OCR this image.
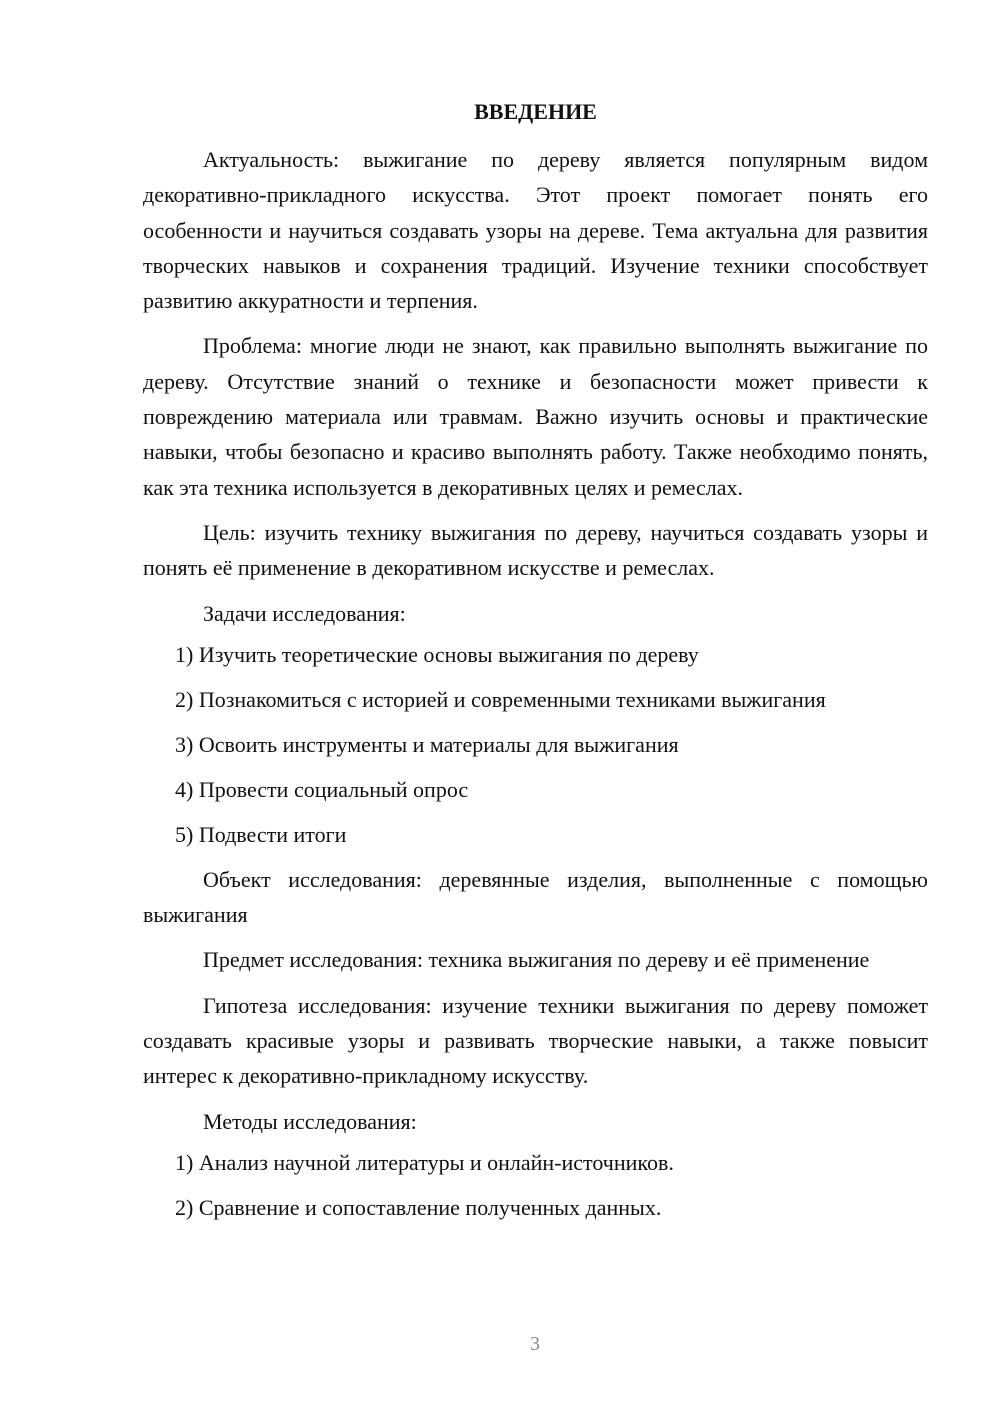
ВВЕДЕНИЕ

Актуальность: выжигание по дереву является популярным видом декоративно-прикладного искусства. Этот проект помогает понять его особенности и научиться создавать узоры на дереве. Тема актуальна для развития творческих навыков и сохранения традиций. Изучение техники способствует развитию аккуратности и терпения.

Проблема: многие люди не знают, как правильно выполнять выжигание по дереву. Отсутствие знаний о технике и безопасности может привести к повреждению материала или травмам. Важно изучить основы и практические навыки, чтобы безопасно и красиво выполнять работу. Также необходимо понять, как эта техника используется в декоративных целях и ремеслах.

Цель: изучить технику выжигания по дереву, научиться создавать узоры и понять её применение в декоративном искусстве и ремеслах.

Задачи исследования:

1) Изучить теоретические основы выжигания по дереву
2) Познакомиться с историей и современными техниками выжигания
3) Освоить инструменты и материалы для выжигания
4) Провести социальный опрос
5) Подвести итоги

Объект исследования: деревянные изделия, выполненные с помощью выжигания

Предмет исследования: техника выжигания по дереву и её применение

Гипотеза исследования: изучение техники выжигания по дереву поможет создавать красивые узоры и развивать творческие навыки, а также повысит интерес к декоративно-прикладному искусству.

Методы исследования:

1) Анализ научной литературы и онлайн-источников.
2) Сравнение и сопоставление полученных данных.
3
